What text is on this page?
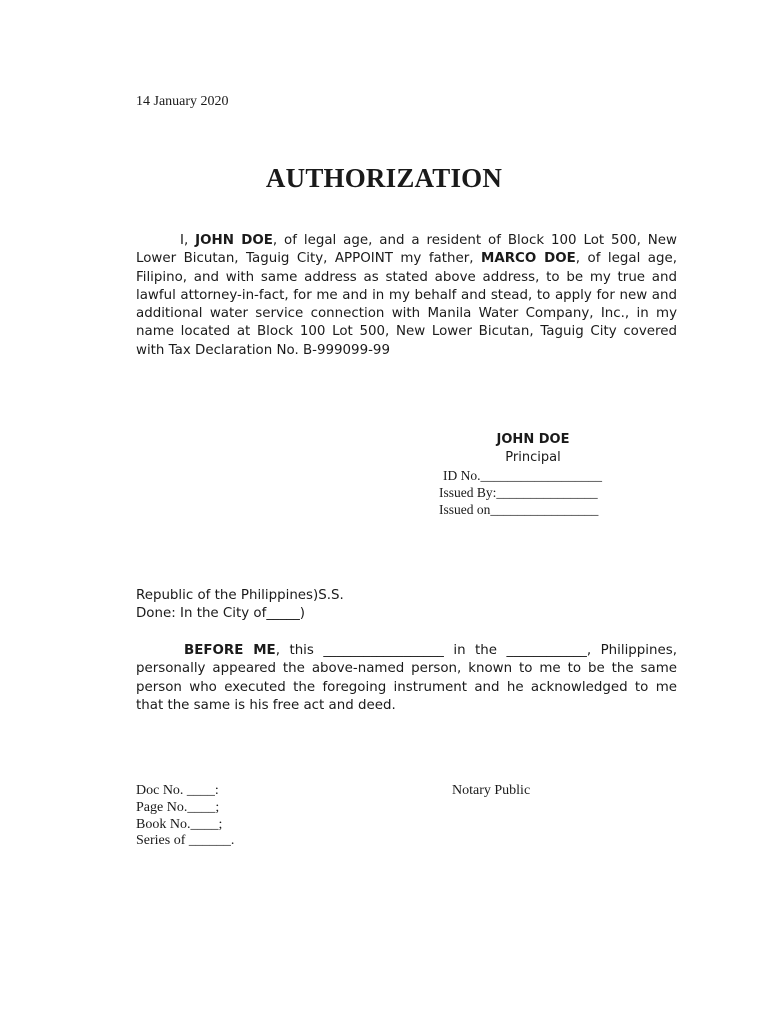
14 January 2020
AUTHORIZATION

I, JOHN DOE, of legal age, and a resident of Block 100 Lot 500, New Lower Bicutan, Taguig City, APPOINT my father, MARCO DOE, of legal age, Filipino, and with same address as stated above address, to be my true and lawful attorney-in-fact, for me and in my behalf and stead, to apply for new and additional water service connection with Manila Water Company, Inc., in my name located at Block 100 Lot 500, New Lower Bicutan, Taguig City covered with Tax Declaration No. B-999099-99

JOHN DOE
Principal
ID No.__________________
Issued By:_______________
Issued on________________
Republic of the Philippines)S.S.
Done: In the City of_____)

BEFORE ME, this __________________ in the ____________, Philippines, personally appeared the above-named person, known to me to be the same person who executed the foregoing instrument and he acknowledged to me that the same is his free act and deed.

Doc No. ____:
Page No.____;
Book No.____;
Series of ______.
Notary Public
